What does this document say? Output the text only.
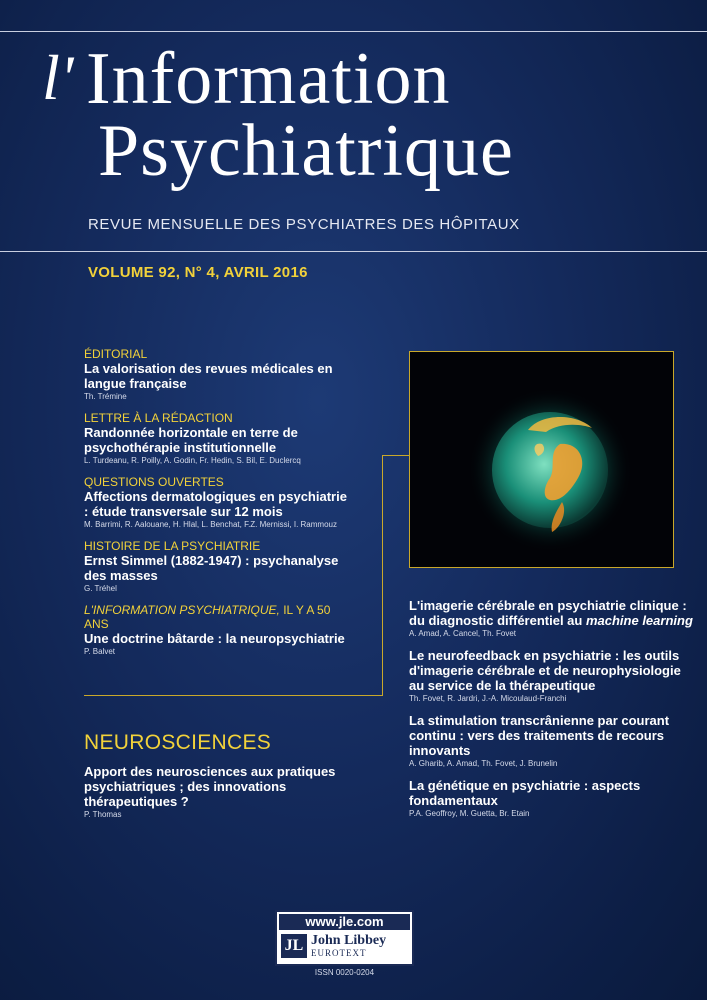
l' Information
Psychiatrique
REVUE MENSUELLE DES PSYCHIATRES DES HÔPITAUX
VOLUME 92, N° 4, AVRIL 2016
ÉDITORIAL
La valorisation des revues médicales en langue française
Th. Trémine
LETTRE À LA RÉDACTION
Randonnée horizontale en terre de psychothérapie institutionnelle
L. Turdeanu, R. Poilly, A. Godin, Fr. Hedin, S. Bil, E. Duclercq
QUESTIONS OUVERTES
Affections dermatologiques en psychiatrie : étude transversale sur 12 mois
M. Barrimi, R. Aalouane, H. Hlal, L. Benchat, F.Z. Mernissi, I. Rammouz
HISTOIRE DE LA PSYCHIATRIE
Ernst Simmel (1882-1947) : psychanalyse des masses
G. Tréhel
L'INFORMATION PSYCHIATRIQUE, IL Y A 50 ANS
Une doctrine bâtarde : la neuropsychiatrie
P. Balvet
L'imagerie cérébrale en psychiatrie clinique : du diagnostic différentiel au machine learning
A. Amad, A. Cancel, Th. Fovet
Le neurofeedback en psychiatrie : les outils d'imagerie cérébrale et de neurophysiologie au service de la thérapeutique
Th. Fovet, R. Jardri, J.-A. Micoulaud-Franchi
La stimulation transcrânienne par courant continu : vers des traitements de recours innovants
A. Gharib, A. Amad, Th. Fovet, J. Brunelin
La génétique en psychiatrie : aspects fondamentaux
P.A. Geoffroy, M. Guetta, Br. Etain
NEUROSCIENCES
Apport des neurosciences aux pratiques psychiatriques ; des innovations thérapeutiques ?
P. Thomas
www.jle.com
JL John Libbey
EUROTEXT
ISSN 0020-0204
